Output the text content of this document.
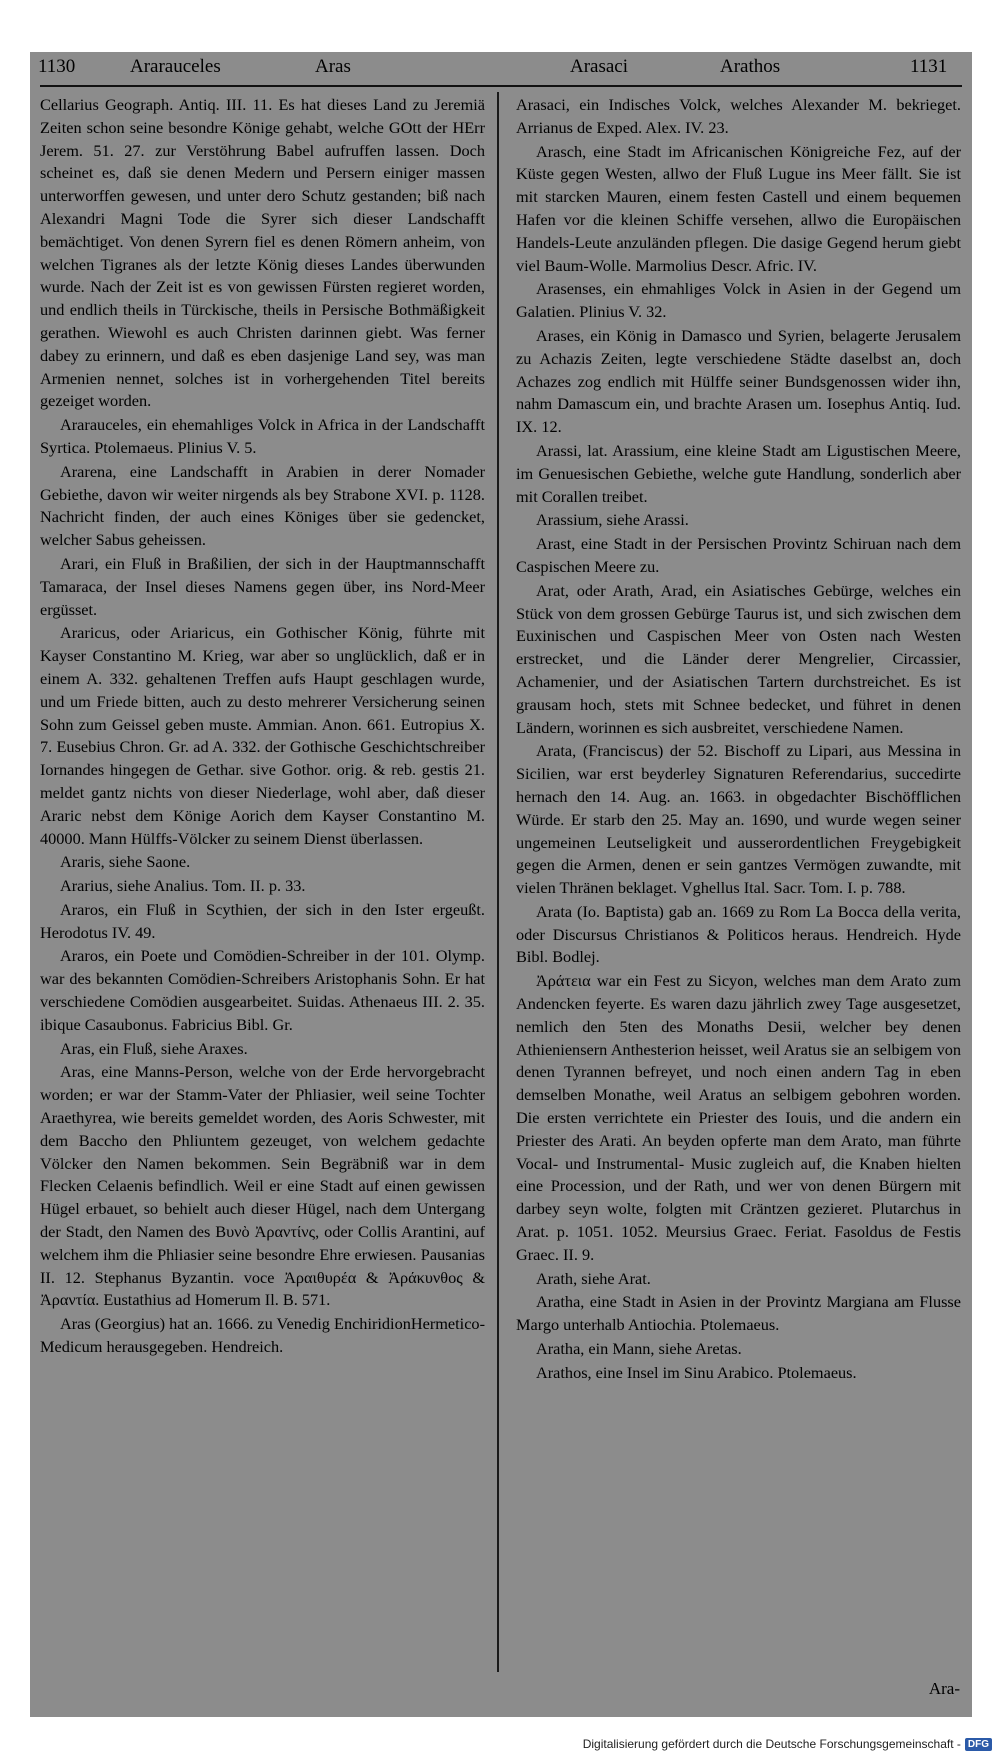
1130	Ararauceles	Aras	Arasaci	Arathos	1131

Cellarius Geograph. Antiq. III. 11. Es hat dieses Land zu Jeremiä Zeiten schon seine besondre Könige gehabt, welche GOtt der HErr Jerem. 51. 27. zur Verstöhrung Babel aufruffen lassen. Doch scheinet es, daß sie denen Medern und Persern einiger massen unterworffen gewesen, und unter dero Schutz gestanden; biß nach Alexandri Magni Tode die Syrer sich dieser Landschafft bemächtiget. Von denen Syrern fiel es denen Römern anheim, von welchen Tigranes als der letzte König dieses Landes überwunden wurde. Nach der Zeit ist es von gewissen Fürsten regieret worden, und endlich theils in Türckische, theils in Persische Bothmäßigkeit gerathen. Wiewohl es auch Christen darinnen giebt. Was ferner dabey zu erinnern, und daß es eben dasjenige Land sey, was man Armenien nennet, solches ist in vorhergehenden Titel bereits gezeiget worden.

Ararauceles, ein ehemahliges Volck in Africa in der Landschafft Syrtica. Ptolemaeus. Plinius V. 5.

Ararena, eine Landschafft in Arabien in derer Nomader Gebiethe, davon wir weiter nirgends als bey Strabone XVI. p. 1128. Nachricht finden, der auch eines Königes über sie gedencket, welcher Sabus geheissen.

Arari, ein Fluß in Braßilien, der sich in der Hauptmannschafft Tamaraca, der Insel dieses Namens gegen über, ins Nord-Meer ergüsset.

Araricus, oder Ariaricus, ein Gothischer König, führte mit Kayser Constantino M. Krieg, war aber so unglücklich, daß er in einem A. 332. gehaltenen Treffen aufs Haupt geschlagen wurde, und um Friede bitten, auch zu desto mehrerer Versicherung seinen Sohn zum Geissel geben muste. Ammian. Anon. 661. Eutropius X. 7. Eusebius Chron. Gr. ad A. 332. der Gothische Geschichtschreiber Iornandes hingegen de Gethar. sive Gothor. orig. & reb. gestis 21. meldet gantz nichts von dieser Niederlage, wohl aber, daß dieser Araric nebst dem Könige Aorich dem Kayser Constantino M. 40000. Mann Hülffs-Völcker zu seinem Dienst überlassen.

Araris, siehe Saone.

Ararius, siehe Analius. Tom. II. p. 33.

Araros, ein Fluß in Scythien, der sich in den Ister ergeußt. Herodotus IV. 49.

Araros, ein Poete und Comödien-Schreiber in der 101. Olymp. war des bekannten Comödien-Schreibers Aristophanis Sohn. Er hat verschiedene Comödien ausgearbeitet. Suidas. Athenaeus III. 2. 35. ibique Casaubonus. Fabricius Bibl. Gr.

Aras, ein Fluß, siehe Araxes.

Aras, eine Manns-Person, welche von der Erde hervorgebracht worden; er war der Stamm-Vater der Phliasier, weil seine Tochter Araethyrea, wie bereits gemeldet worden, des Aoris Schwester, mit dem Baccho den Phliuntem gezeuget, von welchem gedachte Völcker den Namen bekommen. Sein Begräbniß war in dem Flecken Celaenis befindlich. Weil er eine Stadt auf einen gewissen Hügel erbauet, so behielt auch dieser Hügel, nach dem Untergang der Stadt, den Namen des Βυνὸ Ἀραντίνς, oder Collis Arantini, auf welchem ihm die Phliasier seine besondre Ehre erwiesen. Pausanias II. 12. Stephanus Byzantin. voce Ἀραιθυρέα & Ἀράκυνθος & Ἀραντία. Eustathius ad Homerum Il. B. 571.

Aras (Georgius) hat an. 1666. zu Venedig EnchiridionHermetico-Medicum herausgegeben. Hendreich.

Arasaci, ein Indisches Volck, welches Alexander M. bekrieget. Arrianus de Exped. Alex. IV. 23.

Arasch, eine Stadt im Africanischen Königreiche Fez, auf der Küste gegen Westen, allwo der Fluß Lugue ins Meer fällt. Sie ist mit starcken Mauren, einem festen Castell und einem bequemen Hafen vor die kleinen Schiffe versehen, allwo die Europäischen Handels-Leute anzuländen pflegen. Die dasige Gegend herum giebt viel Baum-Wolle. Marmolius Descr. Afric. IV.

Arasenses, ein ehmahliges Volck in Asien in der Gegend um Galatien. Plinius V. 32.

Arases, ein König in Damasco und Syrien, belagerte Jerusalem zu Achazis Zeiten, legte verschiedene Städte daselbst an, doch Achazes zog endlich mit Hülffe seiner Bundsgenossen wider ihn, nahm Damascum ein, und brachte Arasen um. Iosephus Antiq. Iud. IX. 12.

Arassi, lat. Arassium, eine kleine Stadt am Ligustischen Meere, im Genuesischen Gebiethe, welche gute Handlung, sonderlich aber mit Corallen treibet.

Arassium, siehe Arassi.

Arast, eine Stadt in der Persischen Provintz Schiruan nach dem Caspischen Meere zu.

Arat, oder Arath, Arad, ein Asiatisches Gebürge, welches ein Stück von dem grossen Gebürge Taurus ist, und sich zwischen dem Euxinischen und Caspischen Meer von Osten nach Westen erstrecket, und die Länder derer Mengrelier, Circassier, Achamenier, und der Asiatischen Tartern durchstreichet. Es ist grausam hoch, stets mit Schnee bedecket, und führet in denen Ländern, worinnen es sich ausbreitet, verschiedene Namen.

Arata, (Franciscus) der 52. Bischoff zu Lipari, aus Messina in Sicilien, war erst beyderley Signaturen Referendarius, succedirte hernach den 14. Aug. an. 1663. in obgedachter Bischöfflichen Würde. Er starb den 25. May an. 1690, und wurde wegen seiner ungemeinen Leutseligkeit und ausserordentlichen Freygebigkeit gegen die Armen, denen er sein gantzes Vermögen zuwandte, mit vielen Thränen beklaget. Vghellus Ital. Sacr. Tom. I. p. 788.

Arata (Io. Baptista) gab an. 1669 zu Rom La Bocca della verita, oder Discursus Christianos & Politicos heraus. Hendreich. Hyde Bibl. Bodlej.

Ἀράτεια war ein Fest zu Sicyon, welches man dem Arato zum Andencken feyerte. Es waren dazu jährlich zwey Tage ausgesetzet, nemlich den 5ten des Monaths Desii, welcher bey denen Athieniensern Anthesterion heisset, weil Aratus sie an selbigem von denen Tyrannen befreyet, und noch einen andern Tag in eben demselben Monathe, weil Aratus an selbigem gebohren worden. Die ersten verrichtete ein Priester des Iouis, und die andern ein Priester des Arati. An beyden opferte man dem Arato, man führte Vocal- und Instrumental- Music zugleich auf, die Knaben hielten eine Procession, und der Rath, und wer von denen Bürgern mit darbey seyn wolte, folgten mit Cräntzen gezieret. Plutarchus in Arat. p. 1051. 1052. Meursius Graec. Feriat. Fasoldus de Festis Graec. II. 9.

Arath, siehe Arat.

Aratha, eine Stadt in Asien in der Provintz Margiana am Flusse Margo unterhalb Antiochia. Ptolemaeus.

Aratha, ein Mann, siehe Aretas.

Arathos, eine Insel im Sinu Arabico. Ptolemaeus.

Ara-
Digitalisierung gefördert durch die Deutsche Forschungsgemeinschaft - DFG
